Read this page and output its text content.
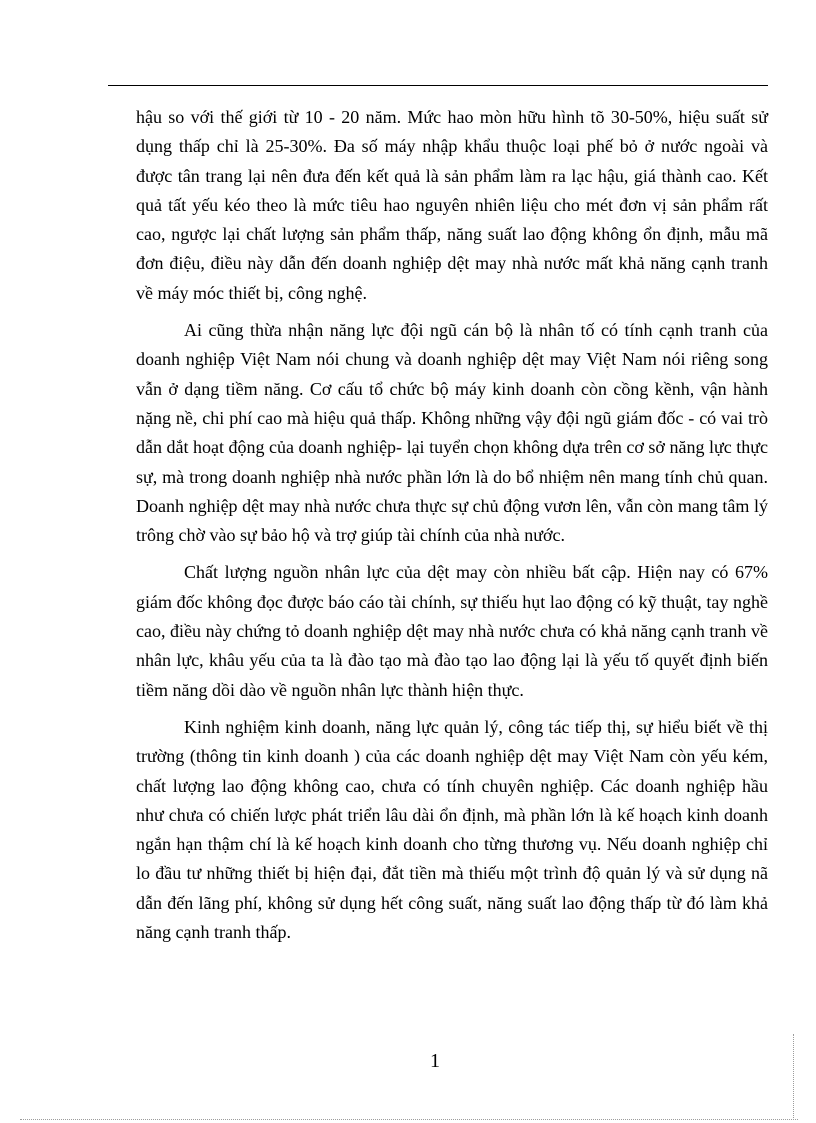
hậu so với thế giới từ 10 - 20 năm. Mức hao mòn hữu hình tõ 30-50%, hiệu suất sử dụng thấp chỉ là 25-30%. Đa số máy nhập khẩu thuộc loại phế bỏ ở nước ngoài và được tân trang lại nên đưa đến kết quả là sản phẩm làm ra lạc hậu, giá thành cao. Kết quả tất yếu kéo theo là mức tiêu hao nguyên nhiên liệu cho mét đơn vị sản phẩm rất cao, ngược lại chất lượng sản phẩm thấp, năng suất lao động không ổn định, mẫu mã đơn điệu, điều này dẫn đến doanh nghiệp dệt may nhà nước mất khả năng cạnh tranh về máy móc thiết bị, công nghệ.

Ai cũng thừa nhận năng lực đội ngũ cán bộ là nhân tố có tính cạnh tranh của doanh nghiệp Việt Nam nói chung và doanh nghiệp dệt may Việt Nam nói riêng song vẫn ở dạng tiềm năng. Cơ cấu tổ chức bộ máy kinh doanh còn cồng kềnh, vận hành nặng nề, chi phí cao mà hiệu quả thấp. Không những vậy đội ngũ giám đốc - có vai trò dẫn dắt hoạt động của doanh nghiệp- lại tuyển chọn không dựa trên cơ sở năng lực thực sự, mà trong doanh nghiệp nhà nước phần lớn là do bổ nhiệm nên mang tính chủ quan. Doanh nghiệp dệt may nhà nước chưa thực sự chủ động vươn lên, vẫn còn mang tâm lý trông chờ vào sự bảo hộ và trợ giúp tài chính của nhà nước.

Chất lượng nguồn nhân lực của dệt may còn nhiều bất cập. Hiện nay có 67% giám đốc không đọc được báo cáo tài chính, sự thiếu hụt lao động có kỹ thuật, tay nghề cao, điều này chứng tỏ doanh nghiệp dệt may nhà nước chưa có khả năng cạnh tranh về nhân lực, khâu yếu của ta là đào tạo mà đào tạo lao động lại là yếu tố quyết định biến tiềm năng dồi dào về nguồn nhân lực thành hiện thực.

Kinh nghiệm kinh doanh, năng lực quản lý, công tác tiếp thị, sự hiểu biết về thị trường (thông tin kinh doanh ) của các doanh nghiệp dệt may Việt Nam còn yếu kém, chất lượng lao động không cao, chưa có tính chuyên nghiệp. Các doanh nghiệp hầu như chưa có chiến lược phát triển lâu dài ổn định, mà phần lớn là kế hoạch kinh doanh ngắn hạn thậm chí là kế hoạch kinh doanh cho từng thương vụ. Nếu doanh nghiệp chỉ lo đầu tư những thiết bị hiện đại, đắt tiền mà thiếu một trình độ quản lý và sử dụng nã dẫn đến lãng phí, không sử dụng hết công suất, năng suất lao động thấp từ đó làm khả năng cạnh tranh thấp.

1
